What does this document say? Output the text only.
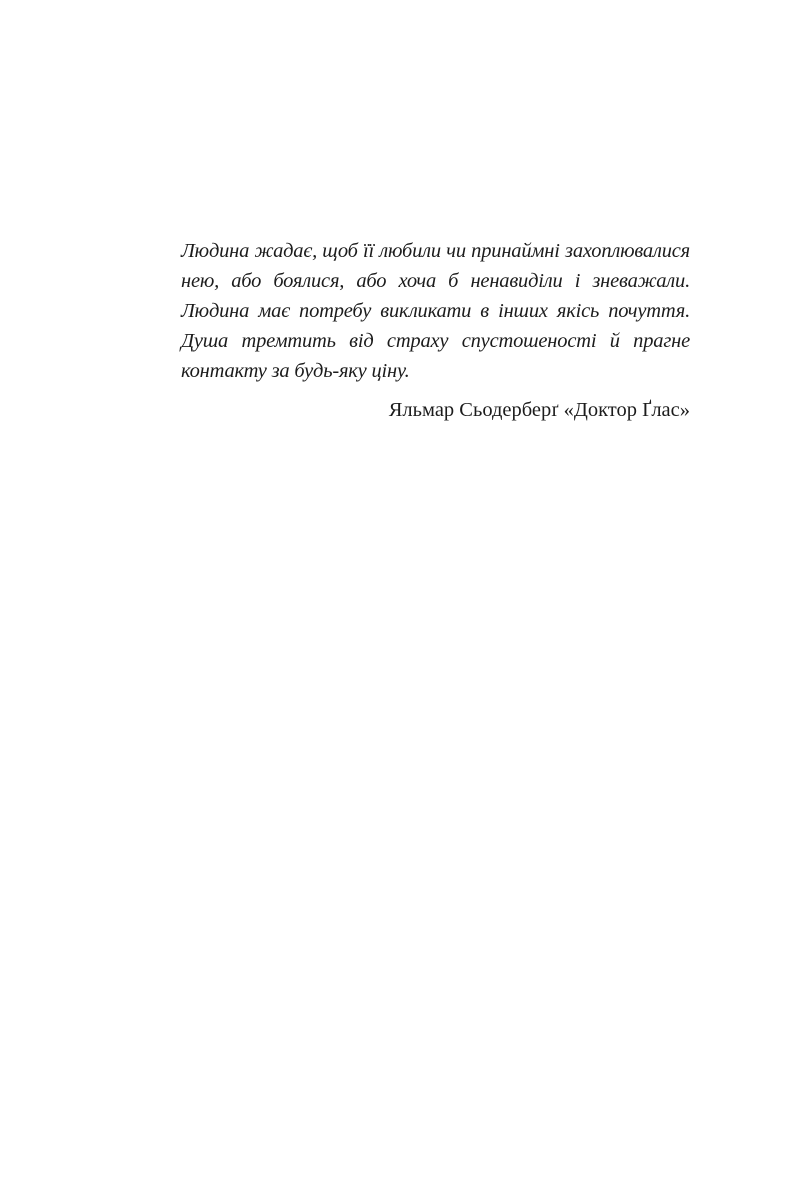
Людина жадає, щоб її любили чи принаймні захоплювалися
нею, або боялися, або хоча б ненавиділи і зневажали.
Людина має потребу викликати в інших якісь почуття.
Душа тремтить від страху спустошеності й прагне
контакту за будь-яку ціну.
Яльмар Сьодерберґ «Доктор Ґлас»
